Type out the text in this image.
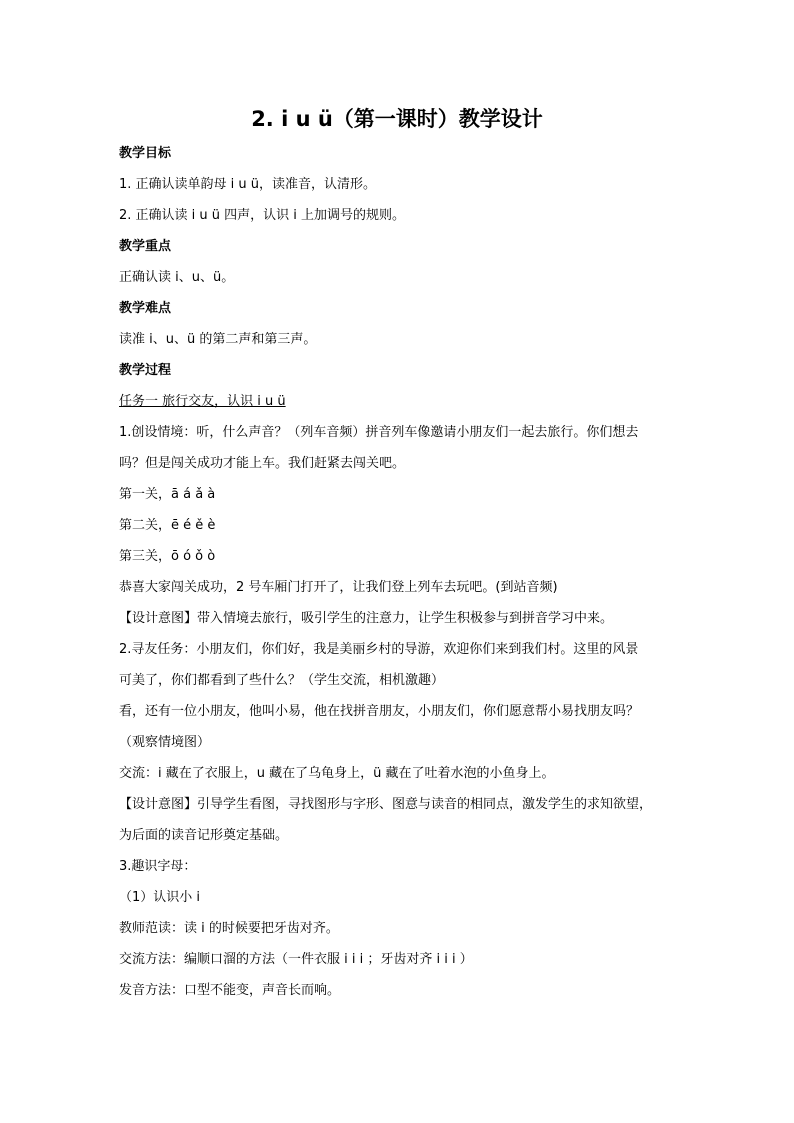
2. i u ü（第一课时）教学设计
教学目标
1. 正确认读单韵母 i u ü，读准音，认清形。
2. 正确认读 i u ü 四声，认识 i 上加调号的规则。
教学重点
正确认读 i、u、ü。
教学难点
读准 i、u、ü 的第二声和第三声。
教学过程
任务一 旅行交友，认识 i u ü
1.创设情境：听，什么声音？（列车音频）拼音列车像邀请小朋友们一起去旅行。你们想去
吗？但是闯关成功才能上车。我们赶紧去闯关吧。
第一关，ā á ǎ à
第二关，ē é ě è
第三关，ō ó ǒ ò
恭喜大家闯关成功，2 号车厢门打开了，让我们登上列车去玩吧。(到站音频)
【设计意图】带入情境去旅行，吸引学生的注意力，让学生积极参与到拼音学习中来。
2.寻友任务：小朋友们，你们好，我是美丽乡村的导游，欢迎你们来到我们村。这里的风景
可美了，你们都看到了些什么？（学生交流，相机激趣）
看，还有一位小朋友，他叫小易，他在找拼音朋友，小朋友们，你们愿意帮小易找朋友吗？
（观察情境图）
交流：i 藏在了衣服上，u 藏在了乌龟身上，ü 藏在了吐着水泡的小鱼身上。
【设计意图】引导学生看图，寻找图形与字形、图意与读音的相同点，激发学生的求知欲望，
为后面的读音记形奠定基础。
3.趣识字母：
（1）认识小 i
教师范读：读 i 的时候要把牙齿对齐。
交流方法：编顺口溜的方法（一件衣服 i i i ；牙齿对齐 i i i ）
发音方法：口型不能变，声音长而响。
